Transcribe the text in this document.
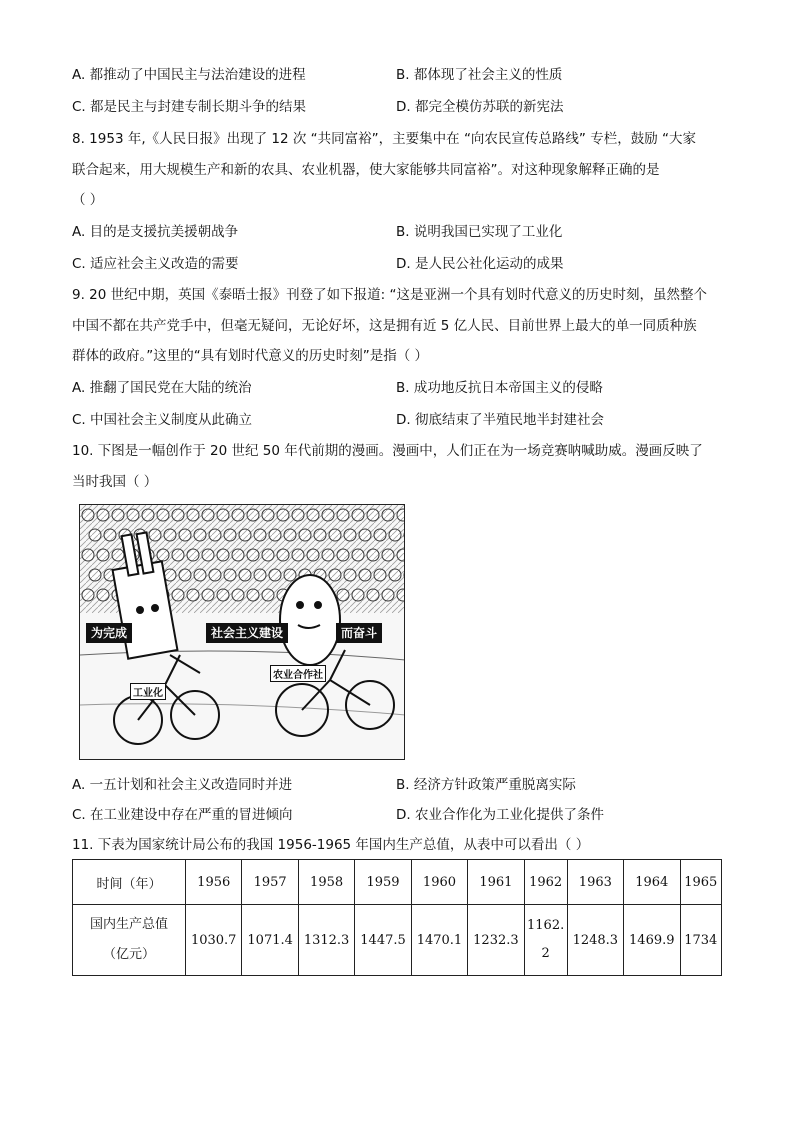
A. 都推动了中国民主与法治建设的进程	B. 都体现了社会主义的性质
C. 都是民主与封建专制长期斗争的结果	D. 都完全模仿苏联的新宪法
8. 1953 年,《人民日报》出现了 12 次 “共同富裕”，主要集中在 “向农民宣传总路线” 专栏，鼓励 “大家
联合起来，用大规模生产和新的农具、农业机器，使大家能够共同富裕”。对这种现象解释正确的是
（ ）
A. 目的是支援抗美援朝战争	B. 说明我国已实现了工业化
C. 适应社会主义改造的需要	D. 是人民公社化运动的成果
9. 20 世纪中期，英国《泰晤士报》刊登了如下报道: “这是亚洲一个具有划时代意义的历史时刻，虽然整个
中国不都在共产党手中，但毫无疑问，无论好坏，这是拥有近 5 亿人民、目前世界上最大的单一同质种族
群体的政府。”这里的“具有划时代意义的历史时刻”是指（ ）
A. 推翻了国民党在大陆的统治	B. 成功地反抗日本帝国主义的侵略
C. 中国社会主义制度从此确立	D. 彻底结束了半殖民地半封建社会
10. 下图是一幅创作于 20 世纪 50 年代前期的漫画。漫画中，人们正在为一场竞赛呐喊助威。漫画反映了
当时我国（ ）
为完成	社会主义建设	而奋斗
工业化
农业合作社
A. 一五计划和社会主义改造同时并进	B. 经济方针政策严重脱离实际
C. 在工业建设中存在严重的冒进倾向	D. 农业合作化为工业化提供了条件
11. 下表为国家统计局公布的我国 1956-1965 年国内生产总值，从表中可以看出（ ）
时间（年）	1956	1957	1958	1959	1960	1961	1962	1963	1964	1965

国内生产总值
（亿元）	1030.7	1071.4	1312.3	1447.5	1470.1	1232.3	1162.2	1248.3	1469.9	1734
